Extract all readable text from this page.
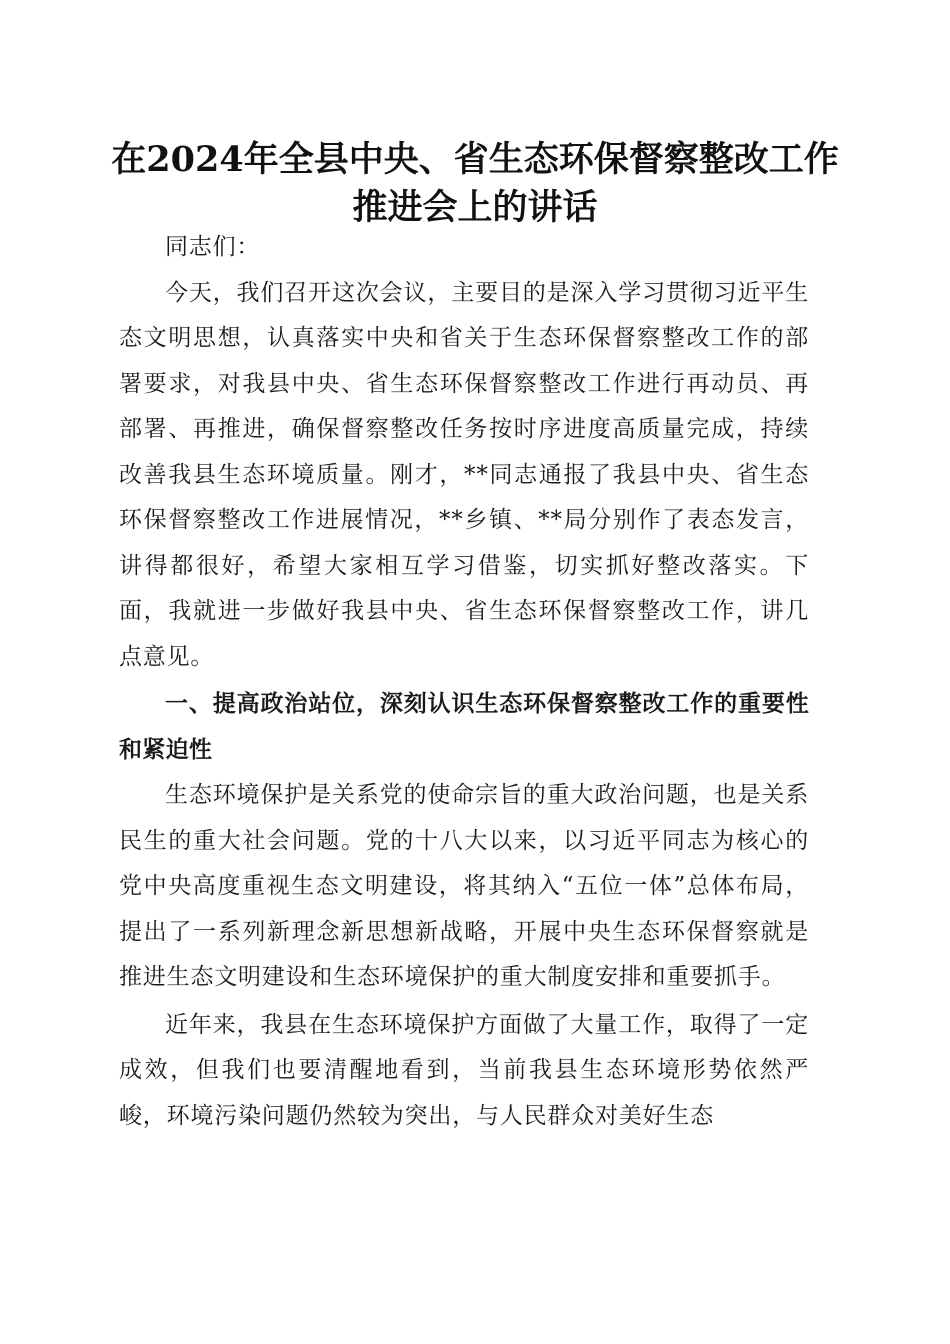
在2024年全县中央、省生态环保督察整改工作推进会上的讲话

同志们：

今天，我们召开这次会议，主要目的是深入学习贯彻习近平生态文明思想，认真落实中央和省关于生态环保督察整改工作的部署要求，对我县中央、省生态环保督察整改工作进行再动员、再部署、再推进，确保督察整改任务按时序进度高质量完成，持续改善我县生态环境质量。刚才，**同志通报了我县中央、省生态环保督察整改工作进展情况，**乡镇、**局分别作了表态发言，讲得都很好，希望大家相互学习借鉴，切实抓好整改落实。下面，我就进一步做好我县中央、省生态环保督察整改工作，讲几点意见。

一、提高政治站位，深刻认识生态环保督察整改工作的重要性和紧迫性

生态环境保护是关系党的使命宗旨的重大政治问题，也是关系民生的重大社会问题。党的十八大以来，以习近平同志为核心的党中央高度重视生态文明建设，将其纳入“五位一体”总体布局，提出了一系列新理念新思想新战略，开展中央生态环保督察就是推进生态文明建设和生态环境保护的重大制度安排和重要抓手。

近年来，我县在生态环境保护方面做了大量工作，取得了一定成效，但我们也要清醒地看到，当前我县生态环境形势依然严峻，环境污染问题仍然较为突出，与人民群众对美好生态
